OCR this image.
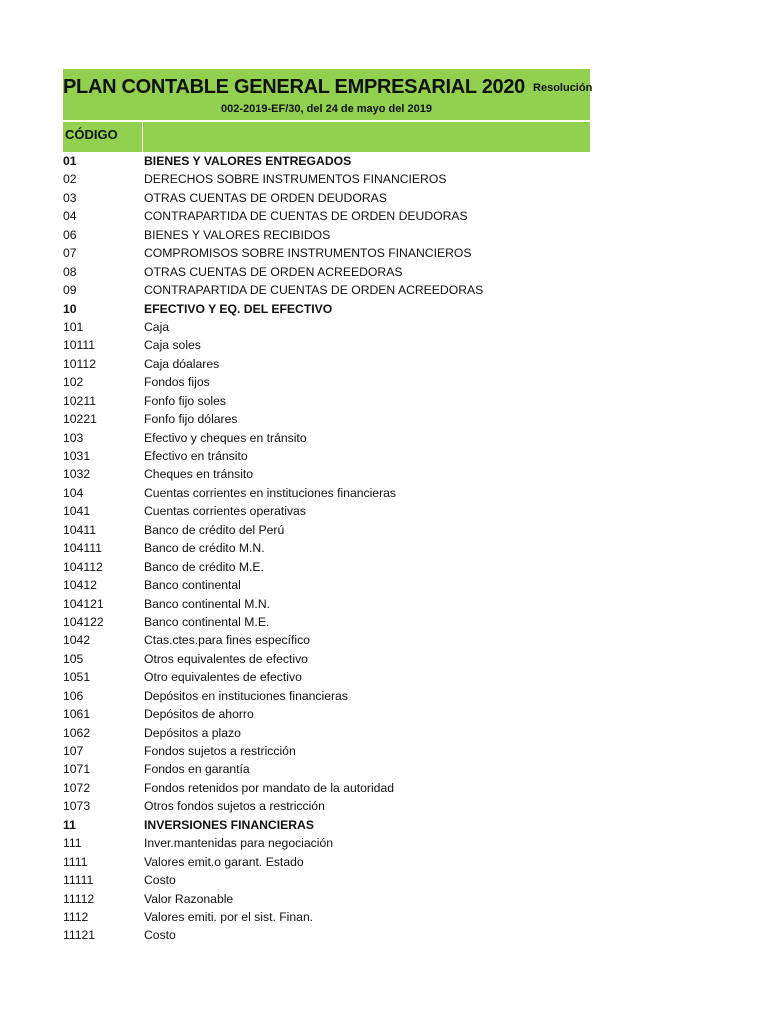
PLAN CONTABLE GENERAL EMPRESARIAL 2020 Resolución
002-2019-EF/30, del 24 de mayo del 2019
CÓDIGO
01	BIENES Y VALORES ENTREGADOS
02	DERECHOS SOBRE INSTRUMENTOS FINANCIEROS
03	OTRAS CUENTAS DE ORDEN DEUDORAS
04	CONTRAPARTIDA DE CUENTAS DE ORDEN DEUDORAS
06	BIENES Y VALORES RECIBIDOS
07	COMPROMISOS SOBRE INSTRUMENTOS FINANCIEROS
08	OTRAS CUENTAS DE ORDEN ACREEDORAS
09	CONTRAPARTIDA DE CUENTAS DE ORDEN ACREEDORAS
10	EFECTIVO Y EQ. DEL EFECTIVO
101	Caja
10111	Caja soles
10112	Caja dóalares
102	Fondos fijos
10211	Fonfo fijo soles
10221	Fonfo fijo dólares
103	Efectivo y cheques en tránsito
1031	Efectivo en tránsito
1032	Cheques en tránsito
104	Cuentas corrientes en instituciones financieras
1041	Cuentas corrientes operativas
10411	Banco de crédito del Perú
104111	Banco de crédito M.N.
104112	Banco de crédito M.E.
10412	Banco continental
104121	Banco continental M.N.
104122	Banco continental M.E.
1042	Ctas.ctes.para fines específico
105	Otros equivalentes de efectivo
1051	Otro equivalentes de efectivo
106	Depósitos en instituciones financieras
1061	Depósitos de ahorro
1062	Depósitos a plazo
107	Fondos sujetos a restricción
1071	Fondos en garantía
1072	Fondos retenidos por mandato de la autoridad
1073	Otros fondos sujetos a restricción
11	INVERSIONES FINANCIERAS
111	Inver.mantenidas para negociación
1111	Valores emit.o garant. Estado
11111	Costo
11112	Valor Razonable
1112	Valores emiti. por el sist. Finan.
11121	Costo
